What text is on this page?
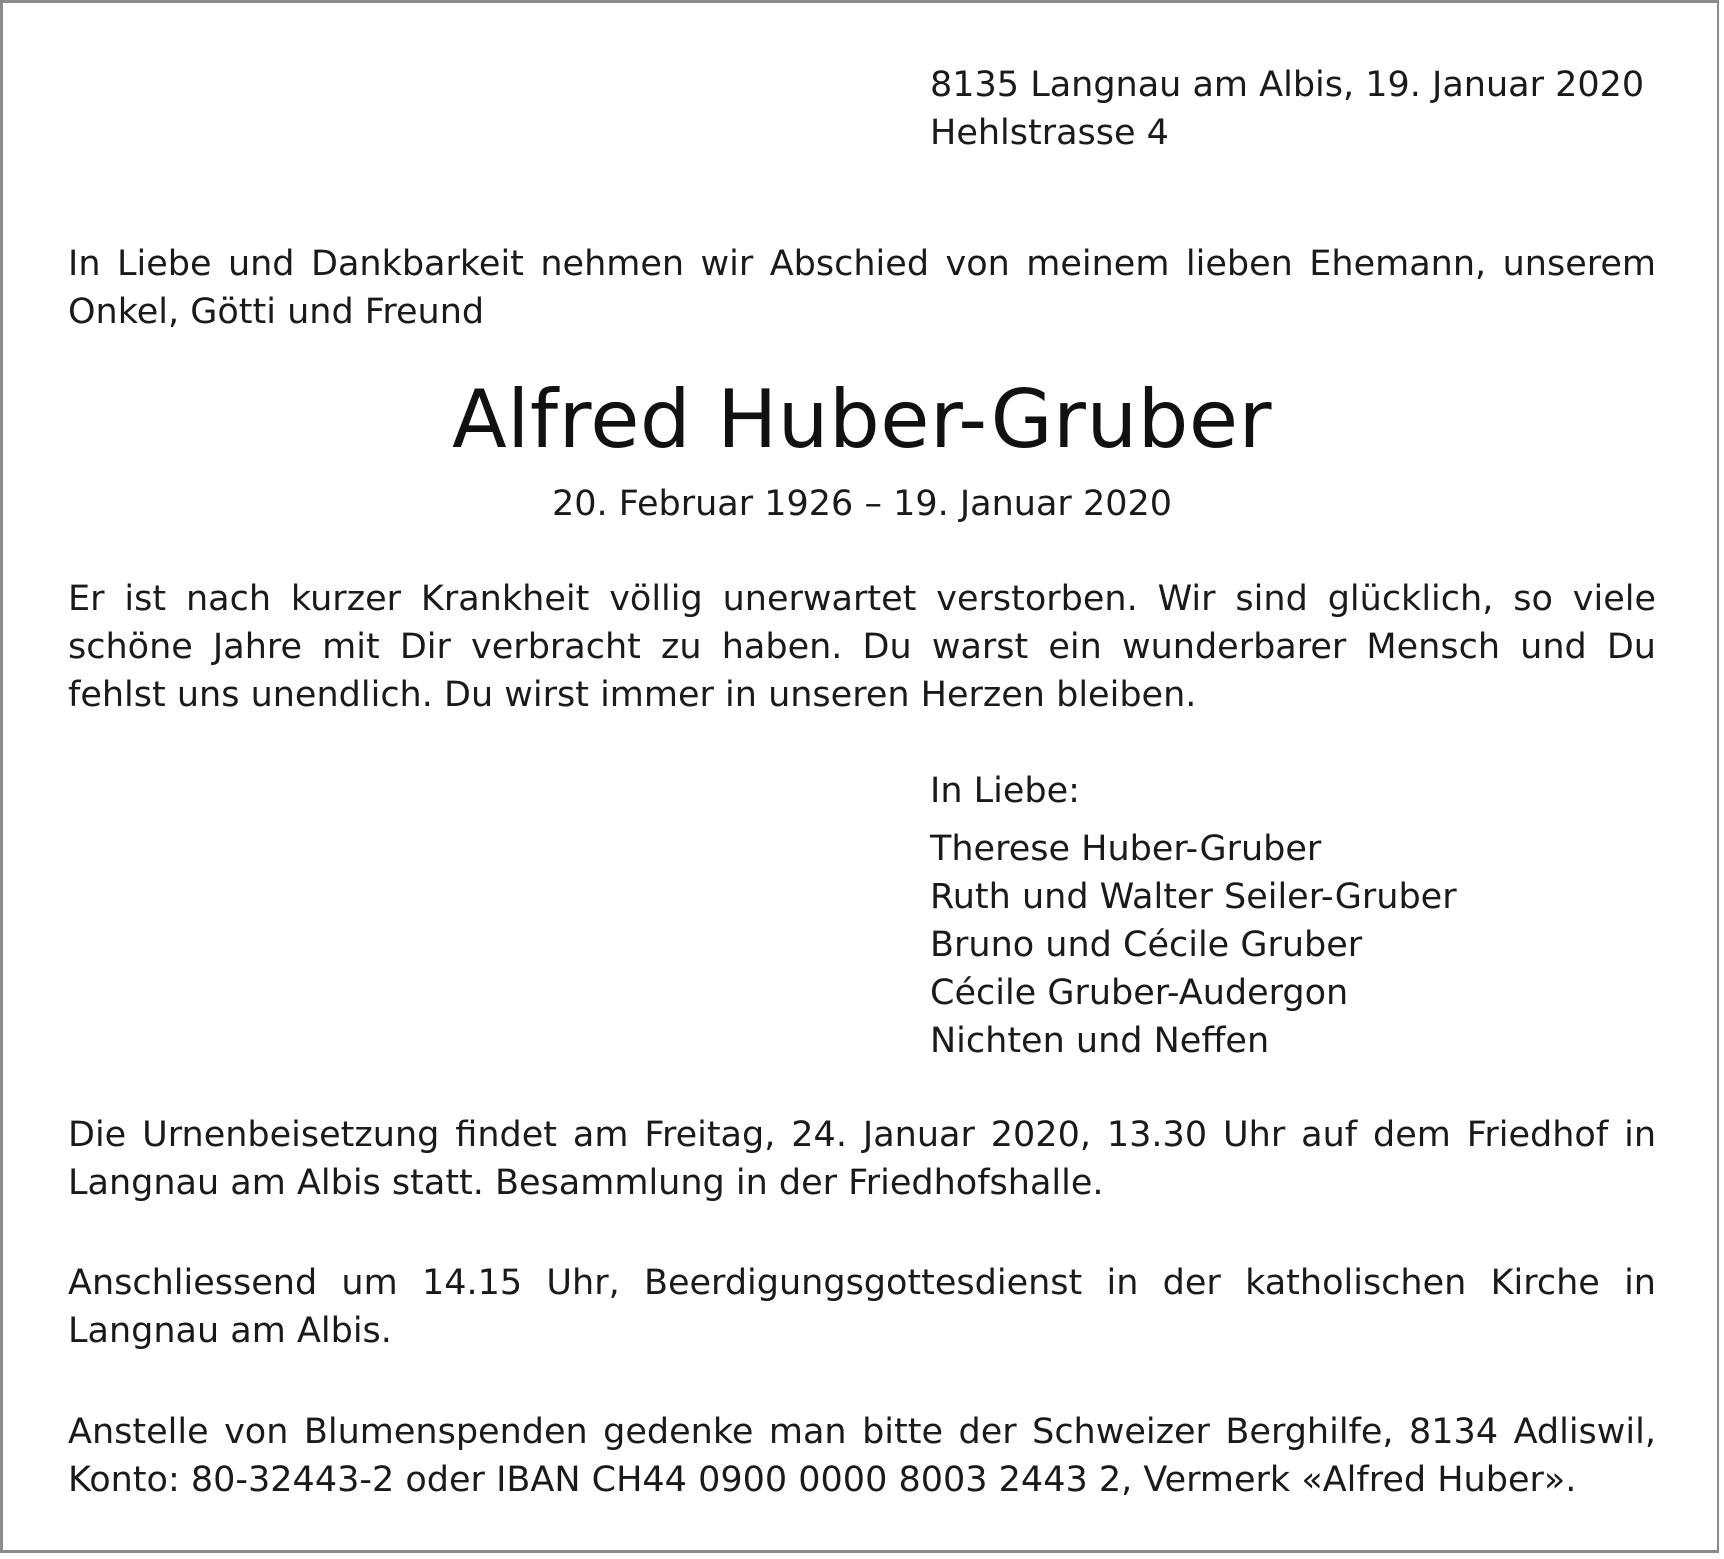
8135 Langnau am Albis, 19. Januar 2020
Hehlstrasse 4
In Liebe und Dankbarkeit nehmen wir Abschied von meinem lieben Ehemann, unserem
Onkel, Götti und Freund
Alfred Huber-Gruber
20. Februar 1926 – 19. Januar 2020
Er ist nach kurzer Krankheit völlig unerwartet verstorben. Wir sind glücklich, so viele
schöne Jahre mit Dir verbracht zu haben. Du warst ein wunderbarer Mensch und Du
fehlst uns unendlich. Du wirst immer in unseren Herzen bleiben.
In Liebe:
Therese Huber-Gruber
Ruth und Walter Seiler-Gruber
Bruno und Cécile Gruber
Cécile Gruber-Audergon
Nichten und Neffen
Die Urnenbeisetzung findet am Freitag, 24. Januar 2020, 13.30 Uhr auf dem Friedhof in
Langnau am Albis statt. Besammlung in der Friedhofshalle.
Anschliessend um 14.15 Uhr, Beerdigungsgottesdienst in der katholischen Kirche in
Langnau am Albis.
Anstelle von Blumenspenden gedenke man bitte der Schweizer Berghilfe, 8134 Adliswil,
Konto: 80-32443-2 oder IBAN CH44 0900 0000 8003 2443 2, Vermerk «Alfred Huber».
